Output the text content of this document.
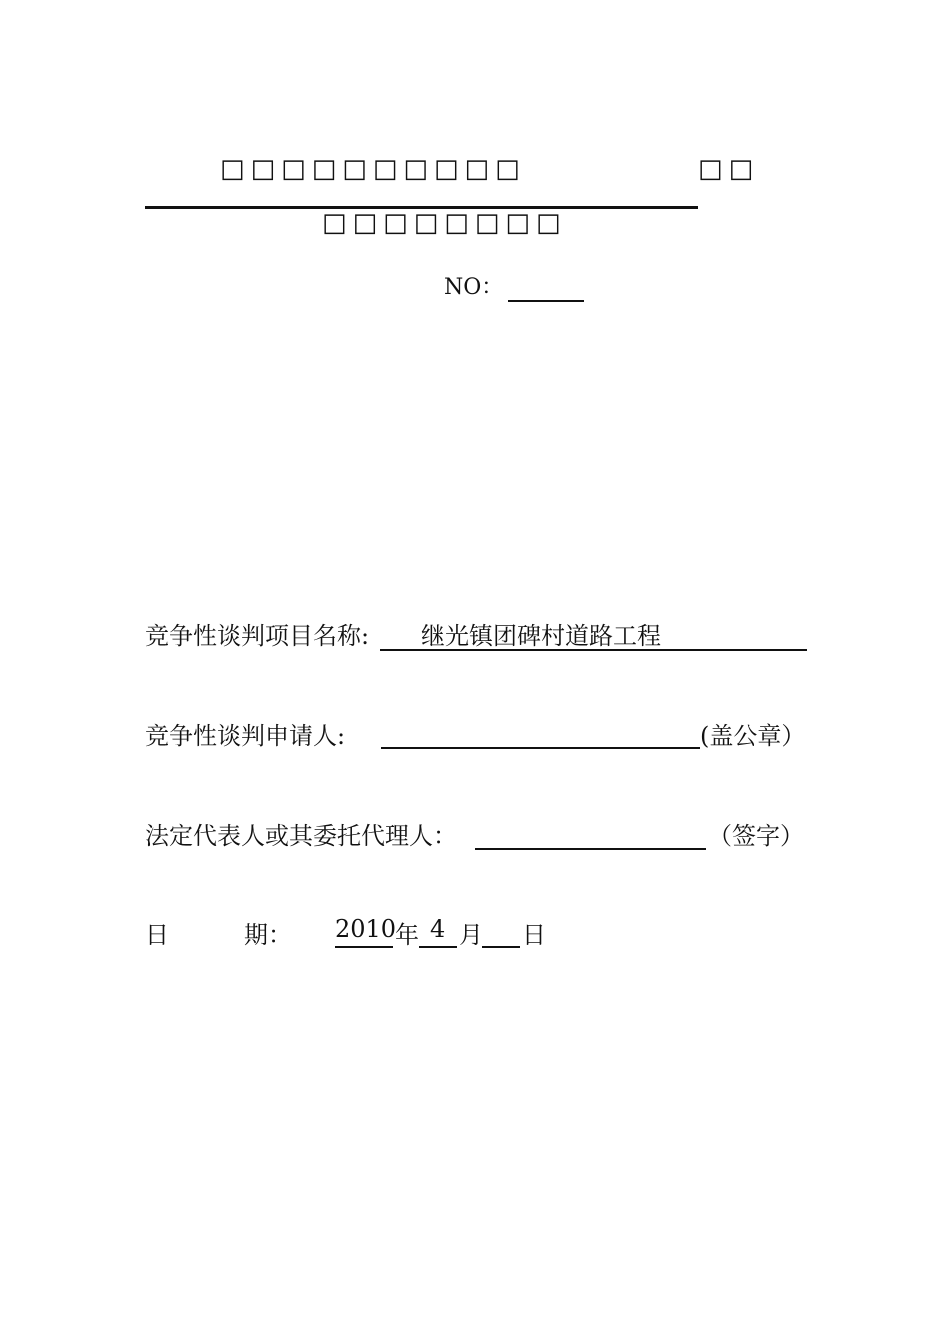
□□□□□□□□□□	□□
□□□□□□□□
NO：
竞争性谈判项目名称: 继光镇团碑村道路工程
竞争性谈判申请人:	(盖公章）
法定代表人或其委托代理人：	（签字）
日	期： 2010
年 4 月 日
